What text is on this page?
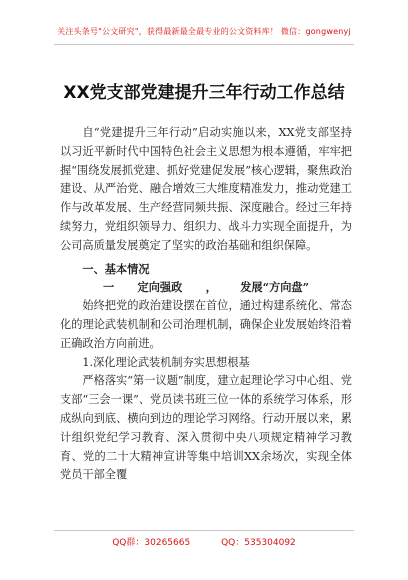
关注头条号"公文研究"，获得最新最全最专业的公文资料库！ 微信：gongwenyj
XX党支部党建提升三年行动工作总结

自“党建提升三年行动”启动实施以来，XX党支部坚持以习近平新时代中国特色社会主义思想为根本遵循，牢牢把握“围绕发展抓党建、抓好党建促发展”核心逻辑，聚焦政治建设、从严治党、融合增效三大维度精准发力，推动党建工作与改革发展、生产经营同频共振、深度融合。经过三年持续努力，党组织领导力、组织力、战斗力实现全面提升，为公司高质量发展奠定了坚实的政治基础和组织保障。

一、基本情况

一      定向强政      ，      发展“方向盘”

始终把党的政治建设摆在首位，通过构建系统化、常态化的理论武装机制和公司治理机制，确保企业发展始终沿着正确政治方向前进。

1.深化理论武装机制夯实思想根基

严格落实“第一议题”制度，建立起理论学习中心组、党支部“三会一课”、党员读书班三位一体的系统学习体系，形成纵向到底、横向到边的理论学习网络。行动开展以来，累计组织党纪学习教育、深入贯彻中央八项规定精神学习教育、党的二十大精神宣讲等集中培训XX余场次，实现全体党员干部全覆

QQ群：30265665	QQ：535304092
